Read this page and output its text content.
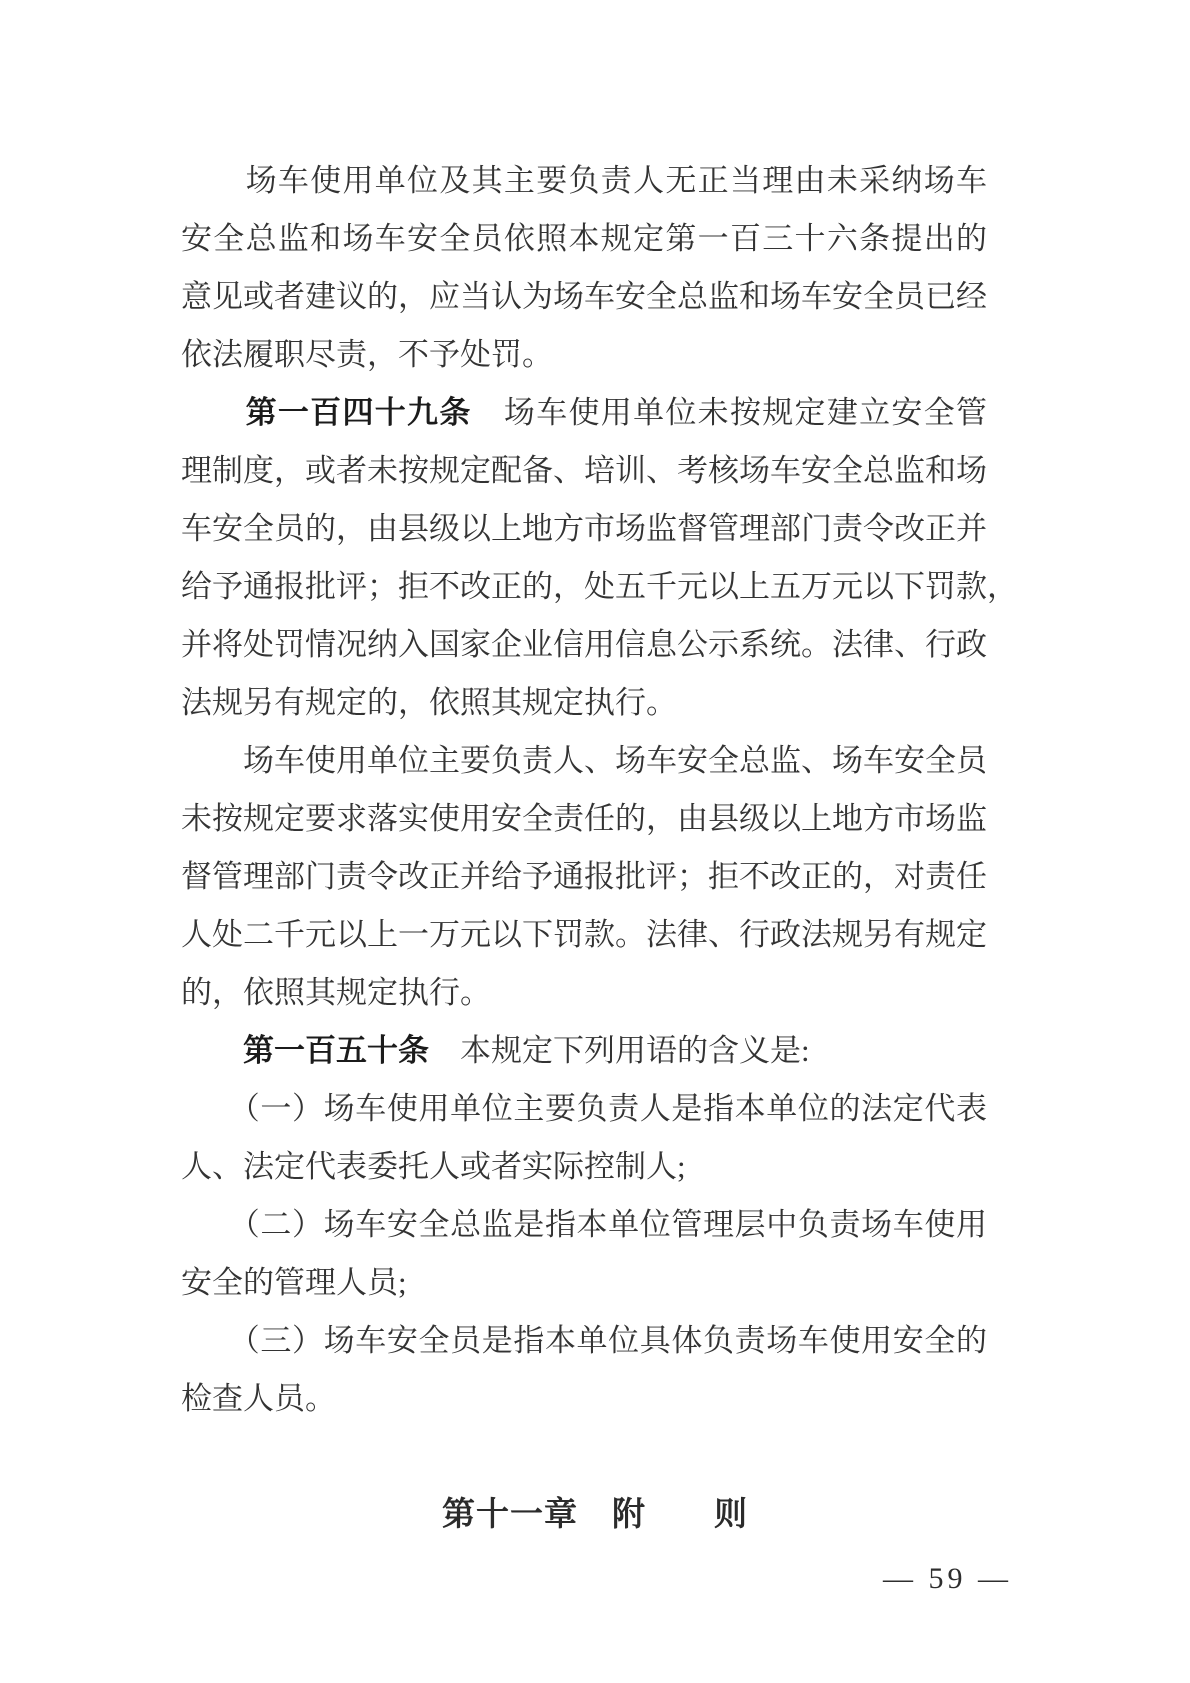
　　场车使用单位及其主要负责人无正当理由未采纳场车
安全总监和场车安全员依照本规定第一百三十六条提出的
意见或者建议的，应当认为场车安全总监和场车安全员已经
依法履职尽责，不予处罚。
　　第一百四十九条　场车使用单位未按规定建立安全管
理制度，或者未按规定配备、培训、考核场车安全总监和场
车安全员的，由县级以上地方市场监督管理部门责令改正并
给予通报批评；拒不改正的，处五千元以上五万元以下罚款，
并将处罚情况纳入国家企业信用信息公示系统。法律、行政
法规另有规定的，依照其规定执行。
　　场车使用单位主要负责人、场车安全总监、场车安全员
未按规定要求落实使用安全责任的，由县级以上地方市场监
督管理部门责令改正并给予通报批评；拒不改正的，对责任
人处二千元以上一万元以下罚款。法律、行政法规另有规定
的，依照其规定执行。
　　第一百五十条　本规定下列用语的含义是:
　　（一）场车使用单位主要负责人是指本单位的法定代表
人、法定代表委托人或者实际控制人;
　　（二）场车安全总监是指本单位管理层中负责场车使用
安全的管理人员;
　　（三）场车安全员是指本单位具体负责场车使用安全的
检查人员。
第十一章　附　　则
— 59 —
